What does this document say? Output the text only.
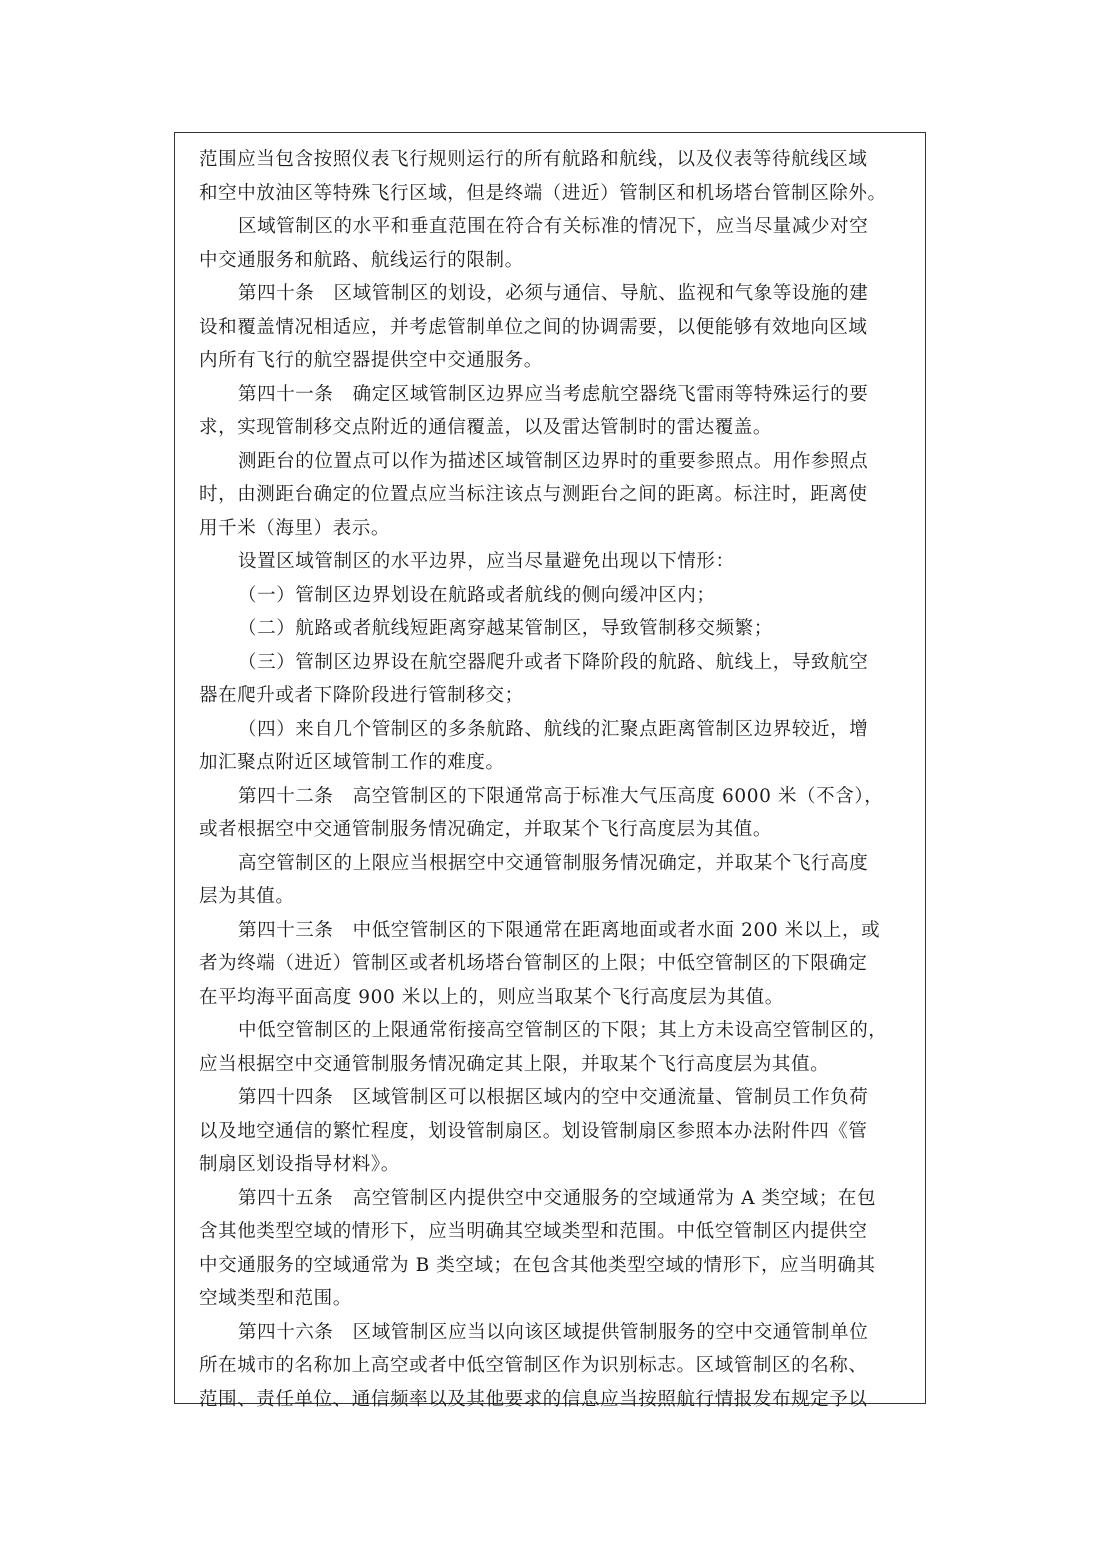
范围应当包含按照仪表飞行规则运行的所有航路和航线，以及仪表等待航线区域
和空中放油区等特殊飞行区域，但是终端（进近）管制区和机场塔台管制区除外。
区域管制区的水平和垂直范围在符合有关标准的情况下，应当尽量减少对空
中交通服务和航路、航线运行的限制。
第四十条　区域管制区的划设，必须与通信、导航、监视和气象等设施的建
设和覆盖情况相适应，并考虑管制单位之间的协调需要，以便能够有效地向区域
内所有飞行的航空器提供空中交通服务。
第四十一条　确定区域管制区边界应当考虑航空器绕飞雷雨等特殊运行的要
求，实现管制移交点附近的通信覆盖，以及雷达管制时的雷达覆盖。
测距台的位置点可以作为描述区域管制区边界时的重要参照点。用作参照点
时，由测距台确定的位置点应当标注该点与测距台之间的距离。标注时，距离使
用千米（海里）表示。
设置区域管制区的水平边界，应当尽量避免出现以下情形：
（一）管制区边界划设在航路或者航线的侧向缓冲区内；
（二）航路或者航线短距离穿越某管制区，导致管制移交频繁；
（三）管制区边界设在航空器爬升或者下降阶段的航路、航线上，导致航空
器在爬升或者下降阶段进行管制移交；
（四）来自几个管制区的多条航路、航线的汇聚点距离管制区边界较近，增
加汇聚点附近区域管制工作的难度。
第四十二条　高空管制区的下限通常高于标准大气压高度 6000 米（不含），
或者根据空中交通管制服务情况确定，并取某个飞行高度层为其值。
高空管制区的上限应当根据空中交通管制服务情况确定，并取某个飞行高度
层为其值。
第四十三条　中低空管制区的下限通常在距离地面或者水面 200 米以上，或
者为终端（进近）管制区或者机场塔台管制区的上限；中低空管制区的下限确定
在平均海平面高度 900 米以上的，则应当取某个飞行高度层为其值。
中低空管制区的上限通常衔接高空管制区的下限；其上方未设高空管制区的，
应当根据空中交通管制服务情况确定其上限，并取某个飞行高度层为其值。
第四十四条　区域管制区可以根据区域内的空中交通流量、管制员工作负荷
以及地空通信的繁忙程度，划设管制扇区。划设管制扇区参照本办法附件四《管
制扇区划设指导材料》。
第四十五条　高空管制区内提供空中交通服务的空域通常为 A 类空域；在包
含其他类型空域的情形下，应当明确其空域类型和范围。中低空管制区内提供空
中交通服务的空域通常为 B 类空域；在包含其他类型空域的情形下，应当明确其
空域类型和范围。
第四十六条　区域管制区应当以向该区域提供管制服务的空中交通管制单位
所在城市的名称加上高空或者中低空管制区作为识别标志。区域管制区的名称、
范围、责任单位、通信频率以及其他要求的信息应当按照航行情报发布规定予以
